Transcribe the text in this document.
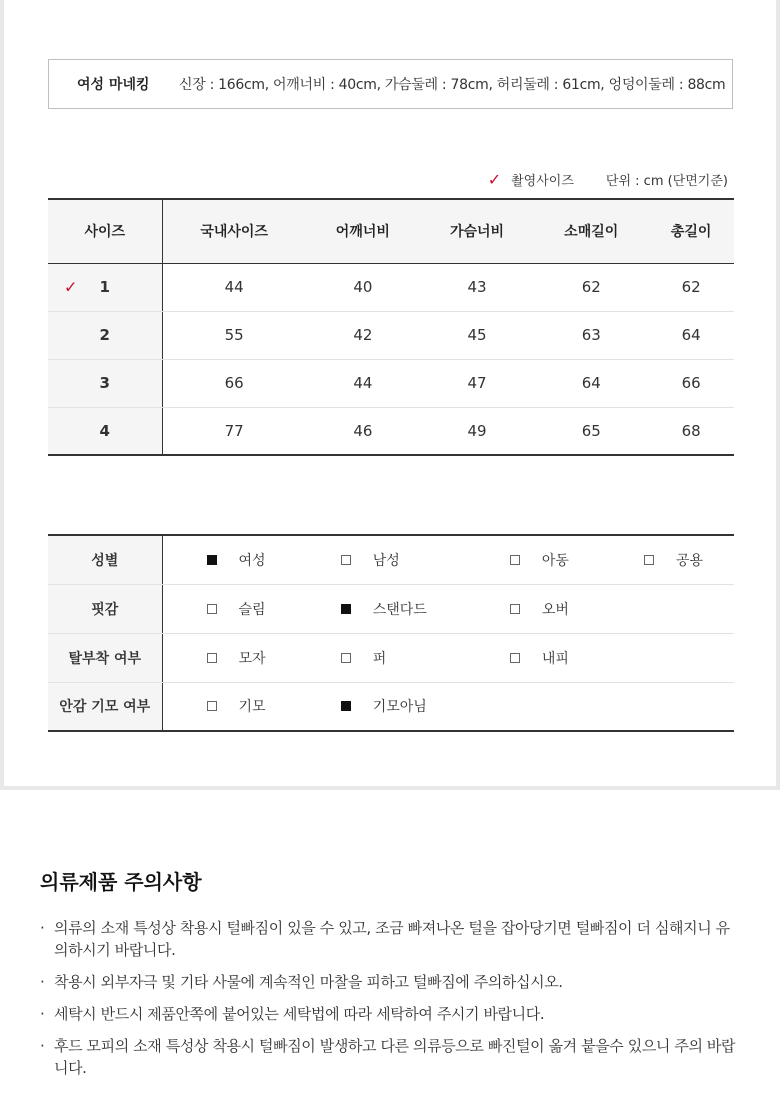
여성 마네킹	신장 : 166cm, 어깨너비 : 40cm, 가슴둘레 : 78cm, 허리둘레 : 61cm, 엉덩이둘레 : 88cm
✓ 촬영사이즈 단위 : cm (단면기준)
사이즈	국내사이즈	어깨너비	가슴너비	소매길이	총길이

✓ 1	44	40	43	62	62
2	55	42	45	63	64
3	66	44	47	64	66
4	77	46	49	65	68
성별	여성	남성	아동	공용

핏감	슬림	스탠다드	오버	

탈부착 여부	모자	퍼	내피	

안감 기모 여부	기모	기모아님		

의류제품 주의사항
· 의류의 소재 특성상 착용시 털빠짐이 있을 수 있고, 조금 빠져나온 털을 잡아당기면 털빠짐이 더 심해지니 유의하시기 바랍니다.
· 착용시 외부자극 및 기타 사물에 계속적인 마찰을 피하고 털빠짐에 주의하십시오.
· 세탁시 반드시 제품안쪽에 붙어있는 세탁법에 따라 세탁하여 주시기 바랍니다.
· 후드 모피의 소재 특성상 착용시 털빠짐이 발생하고 다른 의류등으로 빠진털이 옮겨 붙을수 있으니 주의 바랍니다.
